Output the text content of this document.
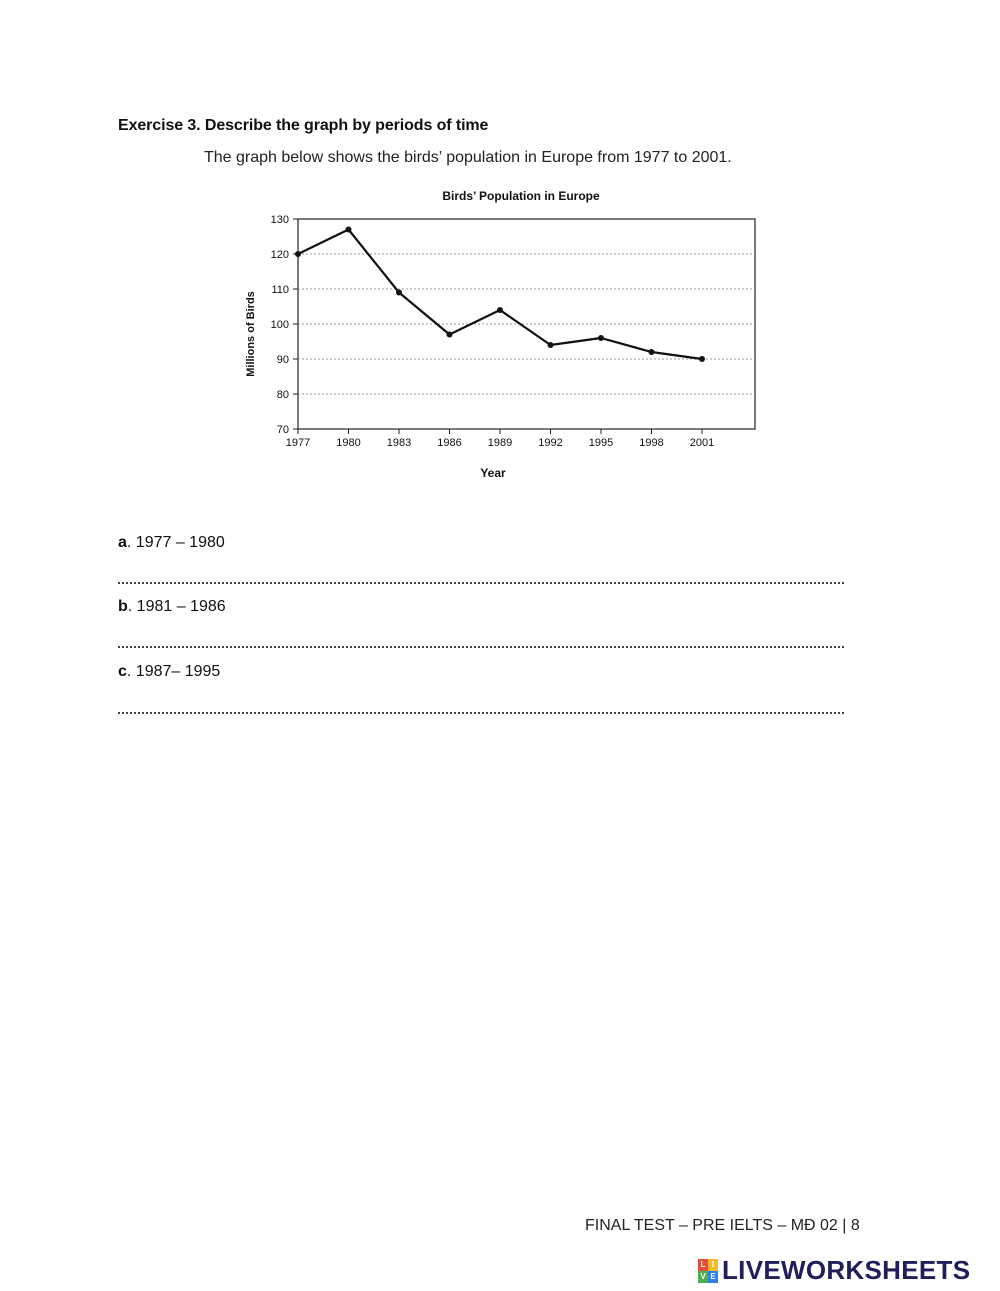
Exercise 3. Describe the graph by periods of time
The graph below shows the birds’ population in Europe from 1977 to 2001.
Birds’ Population in Europe
70
80
90
100
110
120
130
1977 1980 1983 1986 1989 1992 1995 1998 2001
Year
Millions of Birds
a. 1977 – 1980
b. 1981 – 1986
c. 1987– 1995
FINAL TEST – PRE IELTS – MĐ 02 | 8
L I
V E LIVEWORKSHEETS
